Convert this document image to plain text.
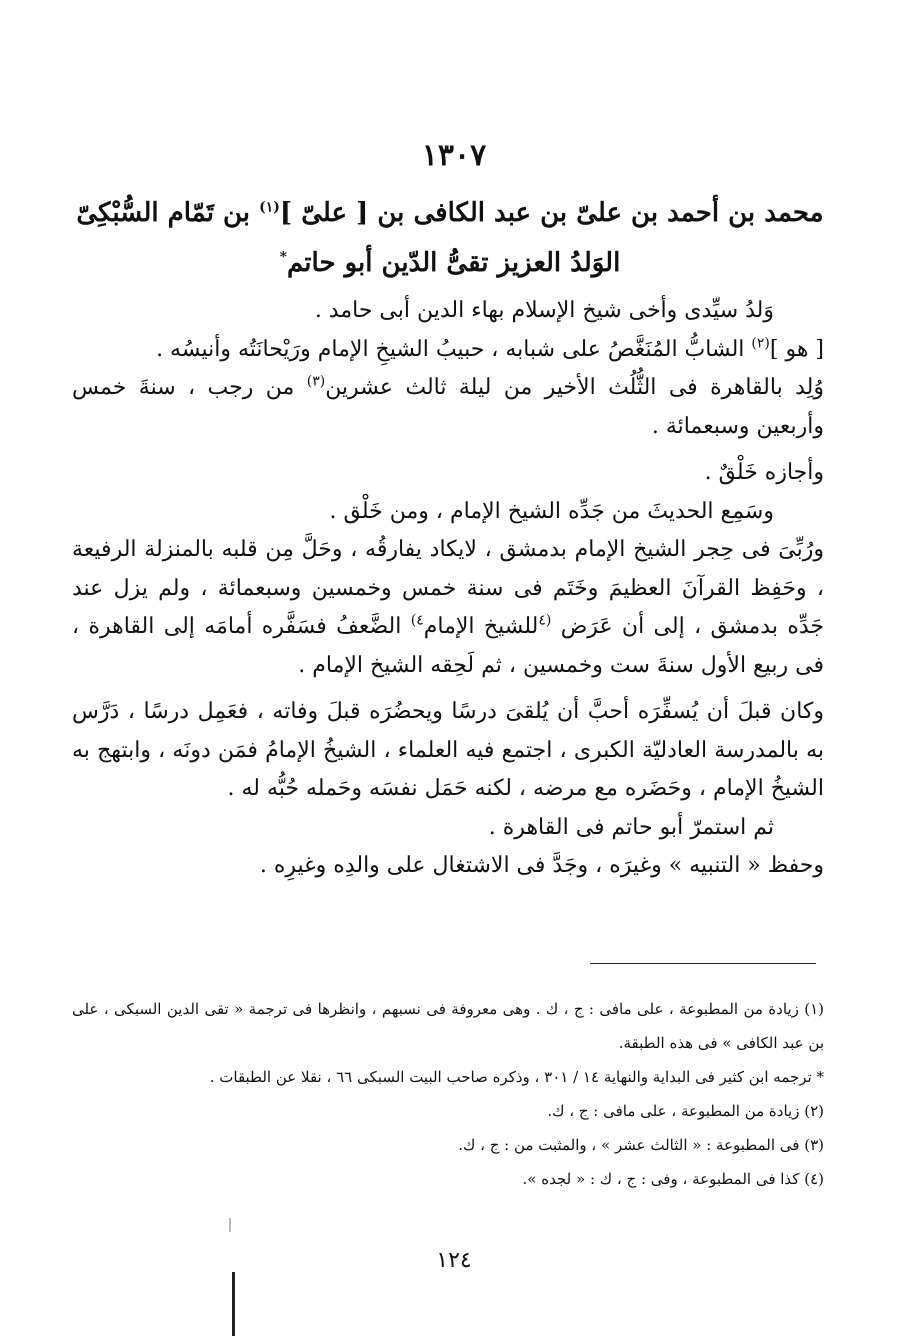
١٣٠٧
محمد بن أحمد بن علىّ بن عبد الكافى بن [ علىّ ]$^{(١)}$ بن تَمّام السُّبْكِىّ
الوَلدُ العزيز تقىُّ الدّين أبو حاتم*

وَلدُ سيِّدى وأخى شيخ الإسلام بهاء الدين أبى حامد .

[ هو ]$^{(٢)}$ الشابُّ المُنَغَّصُ على شبابه ، حبيبُ الشيخِ الإمام ورَيْحانَتُه وأنيسُه .

وُلِد بالقاهرة فى الثُّلُث الأخير من ليلة ثالث عشرين$^{(٣)}$ من رجب ، سنةَ خمس وأربعين وسبعمائة .

وأجازه خَلْقٌ .

وسَمِع الحديثَ من جَدِّه الشيخ الإمام ، ومن خَلْق .

ورُبِّىَ فى حِجر الشيخ الإمام بدمشق ، لايكاد يفارقُه ، وحَلَّ مِن قلبه بالمنزلة الرفيعة ، وحَفِظ القرآنَ العظيمَ وخَتَم فى سنة خمس وخمسين وسبعمائة ، ولم يزل عند جَدِّه بدمشق ، إلى أن عَرَض $^{(٤}$للشيخ الإمام$^{٤)}$ الضَّعفُ فسَفَّره أمامَه إلى القاهرة ، فى ربيع الأول سنةَ ست وخمسين ، ثم لَحِقه الشيخ الإمام .

وكان قبلَ أن يُسفِّرَه أحبَّ أن يُلقىَ درسًا ويحضُرَه قبلَ وفاته ، فعَمِل درسًا ، دَرَّس به بالمدرسة العادليّة الكبرى ، اجتمع فيه العلماء ، الشيخُ الإمامُ فمَن دونَه ، وابتهج به الشيخُ الإمام ، وحَضَره مع مرضه ، لكنه حَمَل نفسَه وحَمله حُبُّه له .

ثم استمرّ أبو حاتم فى القاهرة .

وحفظ « التنبيه » وغيرَه ، وجَدَّ فى الاشتغال على والدِه وغيرِه .

(١) زيادة من المطبوعة ، على مافى : ج ، ك . وهى معروفة فى نسبهم ، وانظرها فى ترجمة « تقى الدين السبكى ، على بن عبد الكافى » فى هذه الطبقة.

* ترجمه ابن كثير فى البداية والنهاية ١٤ / ٣٠١ ، وذكره صاحب البيت السبكى ٦٦ ، نقلا عن الطبقات .

(٢) زيادة من المطبوعة ، على مافى : ج ، ك.

(٣) فى المطبوعة : « الثالث عشر » ، والمثبت من : ج ، ك.

(٤) كذا فى المطبوعة ، وفى : ج ، ك : « لجده ».

١٢٤
